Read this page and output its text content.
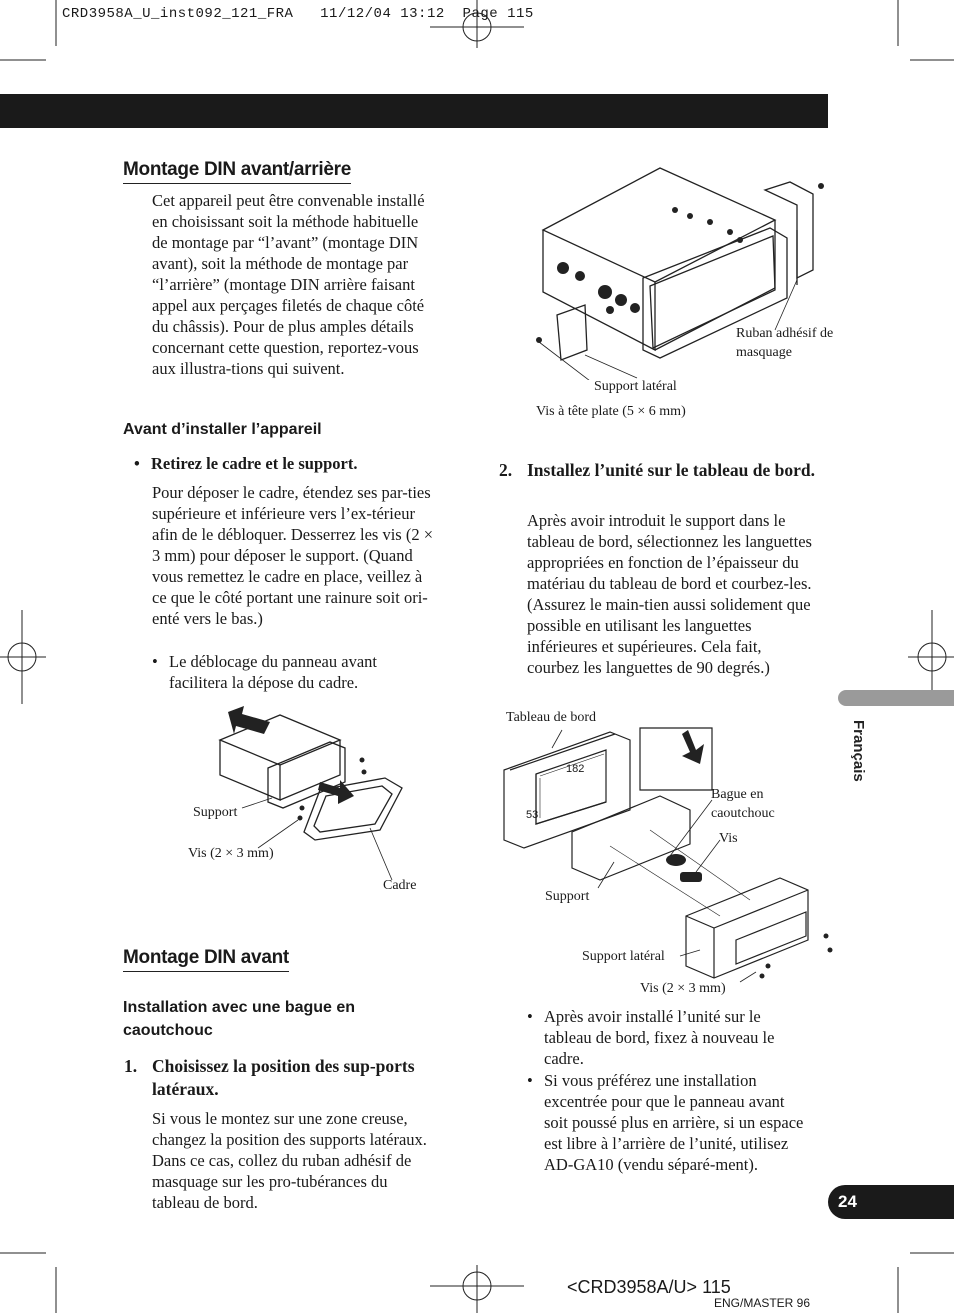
CRD3958A_U_inst092_121_FRA   11/12/04 13:12  Page 115
Montage DIN avant/arrière

Cet appareil peut être convenable installé en choisissant soit la méthode habituelle de montage par “l’avant” (montage DIN avant), soit la méthode de montage par “l’arrière” (montage DIN arrière faisant appel aux perçages filetés de chaque côté du châssis). Pour de plus amples détails concernant cette question, reportez-vous aux illustra-tions qui suivent.

Avant d’installer l’appareil
• Retirez le cadre et le support.

Pour déposer le cadre, étendez ses par-ties supérieure et inférieure vers l’ex-térieur afin de le débloquer. Desserrez les vis (2 × 3 mm) pour déposer le support. (Quand vous remettez le cadre en place, veillez à ce que le côté portant une rainure soit ori-enté vers le bas.)

• Le déblocage du panneau avant facilitera la dépose du cadre.
Support
Vis (2 × 3 mm)
Cadre
Montage DIN avant
Installation avec une bague en caoutchouc
1. Choisissez la position des sup-ports latéraux.

Si vous le montez sur une zone creuse, changez la position des supports latéraux. Dans ce cas, collez du ruban adhésif de masquage sur les pro-tubérances du tableau de bord.

Ruban adhésif de masquage
Support latéral
Vis à tête plate (5 × 6 mm)
2. Installez l’unité sur le tableau de bord.

Après avoir introduit le support dans le tableau de bord, sélectionnez les languettes appropriées en fonction de l’épaisseur du matériau du tableau de bord et courbez-les. (Assurez le main-tien aussi solidement que possible en utilisant les languettes inférieures et supérieures. Cela fait, courbez les languettes de 90 degrés.)

Tableau de bord
182
53
Bague en caoutchouc
Vis
Support
Support latéral
Vis (2 × 3 mm)
• Après avoir installé l’unité sur le tableau de bord, fixez à nouveau le cadre.
• Si vous préférez une installation excentrée pour que le panneau avant soit poussé plus en arrière, si un espace est libre à l’arrière de l’unité, utilisez AD-GA10 (vendu séparé-ment).
Français
24
<CRD3958A/U> 115
ENG/MASTER 96
